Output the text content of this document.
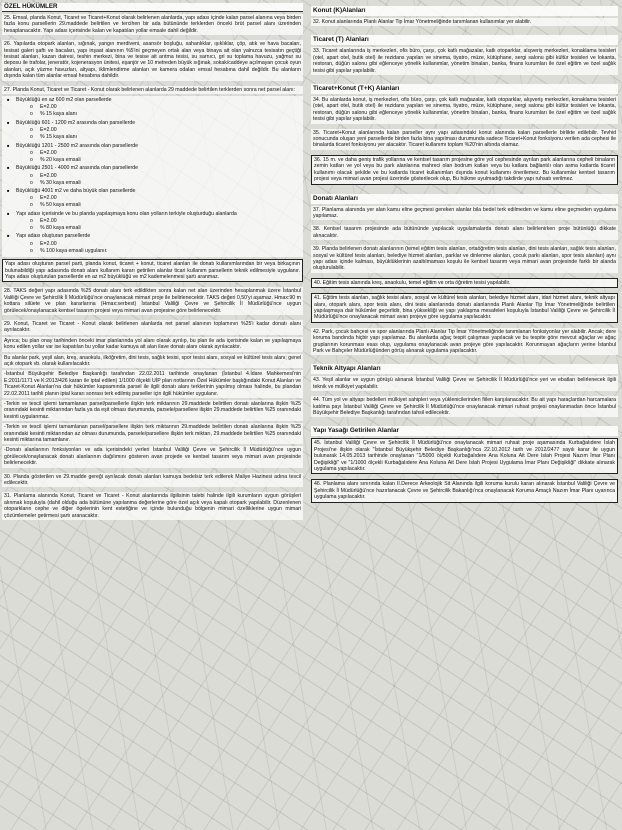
ÖZEL HÜKÜMLER
25. Emsal, planda Konut, Ticaret ve Ticaret+Konut olarak belirlenen alanlarda, yapı adası içinde kalan parsel alanına veya birden fazla konu parsellerin 29.maddede belirtilen ve tercihen bir ada bütününde terklerden önceki brüt parsel alanı üzerinden hesaplanacaktır. Yapı adası içerisinde kalan ve kapatılan yollar emsale dahil değildir.
26. Yapılarda otopark alanları, sığınak, yangın merdiveni, asansör boşluğu, sahanlıklar, ışıklıklar, çöp, atık ve hava bacaları, tesisat galeri şaftı ve bacaları, yapı inşaat alanının %5'ini geçmeyen ortak alan veya binaya ait olan yalnızca tesisatın geçtiği tesisat alanları, kazan dairesi, teshin merkezi, bina ve tesise ait arıtma tesisi, su sarnıcı, gri su toplama havuzu, yağmur su deposu ile trafolar, jeneratör, kojenerasyon ünitesi, eşanjör ve 10 metreden büyük sığınak, sokak/caddeye açılmayan çocuk oyun alanları, açık yüzme havuzları, altyapı, iklimlendirme alanları ve kamera odaları emsal hesabına dahil değildir. Bu alanların dışında kalan tüm alanlar emsal hesabına dahildir.
27. Planda Konut, Ticaret ve Ticaret - Konut olarak belirlenen alanlarda 29 maddede belirtilen terklerden sonra net parsel alanı:
■ Büyüklüğü en az 600 m2 olan parsellerde
o E=2.00
o % 15 kaya alanı
■ Büyüklüğü 601 - 1200 m2 arasında olan parsellerde
o E=2.00
o % 15 kaya alanı
■ Büyüklüğü 1201 - 2500 m2 arasında olan parsellerde
o E=2.00
o % 20 kaya emsali
■ Büyüklüğü 2501 - 4000 m2 arasında olan parsellerde
o E=2.00
o % 30 kaya emsali
■ Büyüklüğü 4001 m2 ve daha büyük olan parsellerde
o E=2.00
o % 50 kaya emsali
■ Yapı adası içerisinde ve bu planda yapılaşmaya konu olan yolların terkiyle oluşturduğu alanlarda
o E=2.00
o % 80 kaya emsali
■ Yapı adası oluşturan parsellerde
o E=2.00
o % 100 kaya emsali uygulanır.
Yapı adası oluşturan parsel parti, planda konut, ticaret + konut, ticaret alanları ile donatı kullanımlarından bir veya birkaçının bulunabildiği yapı adasında donatı alanı kullanım kararı getirilen alanlar ticari kullanım parsellerin teknik edilmesiyle uygulanır. Yapı adası oluşturulan parsellerde en az m2 büyüklüğü ve m2 kademelenmesi şartı aranmaz.
28. TAKS değeri yapı adasında %25 donatı alanı terk edildikten sonra kalan net alan üzerinden hesaplanmak üzere İstanbul Valiliği Çevre ve Şehircilik İl Müdürlüğü'nce onaylanacak mimari proje ile belirlenecektir. TAKS değeri 0,50'yi aşamaz. Hmax:90 m kottara silüete ve plan kararlarına (Hmax:serbest) İstanbul Valiliği Çevre ve Şehircilik İl Müdürlüğü'nce uygun görülecek/onaylanacak kentsel tasarım projesi veya mimari avan projesine göre belirlenecektir.
29. Konut, Ticaret ve Ticaret - Konut olarak belirlenen alanlarda net parsel alanının toplamının %25'i kadar donatı alanı ayrılacaktır.
Ayrıca; bu plan onay tarihinden önceki imar planlarında yol alanı olarak ayrılıp, bu plan ile ada içerisinde kalan ve yapılaşmaya konu edilen yollar var ise kapatılan bu yollar kadar kamuya ait alan ilave donatı alanı olarak ayrılacaktır.
Bu alanlar park, yeşil alan, kreş, anaokulu, ilköğretim, dini tesis, sağlık tesisi, spor tesisi alanı, sosyal ve kültürel tesis alanı; genel açık otopark vb. olarak kullanılacaktır.
-İstanbul Büyükşehir Belediye Başkanlığı tarafından 22.02.2011 tarihinde onaylanan (İstanbul 4.İdare Mahkemesi'nin E:2011/1171 ve K:2013/426 kararı ile iptal edilen) 1/1000 ölçekli UİP plan notlarının Özel Hükümler başlığındaki Konut Alanları ve Ticaret-Konut Alanları'na dair hükümler kapsamında parsel ile ilgili donatı alanı terklerinin yapılmış olması halinde, bu plandan 22.02.2011 tarihli planın iptal kararı sonrası terk edilmiş parseller için ilgili hükümler uygulanır.
-Terkin ve tescil işlemi tamamlanan parsel/parsellerle ilişkin terk miktarının 29.maddede belirtilen donatı alanlarına ilişkin %25 oranındaki kesinti miktarından fazla ya da eşit olması durumunda, parsele/parsellere ilişkin 29.maddede belirtilen %25 oranındaki kesinti uygulanmaz.
-Terkin ve tescil işlemi tamamlanan parsel/parsellere ilişkin terk miktarının 29.maddede belirtilen donatı alanlarına ilişkin %25 oranındaki kesinti miktarından az olması durumunda, parsele/parsellere ilişkin terk miktarı, 29.maddede belirtilen %25 oranındaki kesinti miktarına tamamlanır.
-Donatı alanlarının fonksiyonları ve ada içerisindeki yerleri İstanbul Valiliği Çevre ve Şehircilik İl Müdürlüğü'nce uygun görülecek/onaylanacak donatı alanlarının dağılımını gösteren avan projede ve kentsel tasarım veya mimari avan projesinde belirlenecektir.
30. Planda gösterilen ve 29.madde gereği ayrılacak donatı alanları kamuya bedelsiz terk edilerek Maliye Hazinesi adına tescil edilecektir.
31. Planlama alanında Konut, Ticaret ve Ticaret - Konut alanlarında ilgilisinin talebi halinde ilgili kurumların uygun görüşleri alınmak koşuluyla (dahil olduğu ada bütününe yapılanma değerlerine göre özel açık veya kapalı otopark yapılabilir. Düzenlenen otoparkların cephe ve diğer ögelerinin kent estetiğine ve içinde bulunduğu bölgenin mimari özelliklerine uygun mimari çözümlemeler getirmesi şartı aranacaktır.
Konut (K)Alanları
32. Konut alanlarında Planlı Alanlar Tip İmar Yönetmeliğinde tanımlanan kullanımlar yer alabilir.
Ticaret (T) Alanları
33. Ticaret alanlarında iş merkezleri, ofis büro, çarşı, çok katlı mağazalar, katlı otoparklar, alışveriş merkezleri, konaklama tesisleri (otel, apart otel, butik otel) ile rezidans yapıları ve sinema, tiyatro, müze, kütüphane, sergi salonu gibi kültür tesisleri ve lokanta, restoran, düğün salonu gibi eğlenceye yönelik kullanımlar, yönetim binaları, banka, finans kurumları ile özel eğitim ve özel sağlık tesisi gibi yapılar yapılabilir.
Ticaret+Konut (T+K) Alanları
34. Bu alanlarda konut, iş merkezleri, ofis büro, çarşı, çok katlı mağazalar, katlı otoparklar, alışveriş merkezleri, konaklama tesisleri (otel, apart otel, butik otel) ile rezidans yapıları ve sinema, tiyatro, müze, kütüphane, sergi salonu gibi kültür tesisleri ve lokanta, restoran, düğün salonu gibi eğlenceye yönelik kullanımlar, yönetim binaları, banka, finans kurumları ile özel eğitim ve özel sağlık tesisi gibi yapılar yapılabilir.
35. Ticaret+Konut alanlarında kalan parseller aynı yapı adasındaki konut alanında kalan parsellerle birlikte edilebilir. Tevhid sonucunda oluşan yeni parsellerde birden fazla bina yapılması durumunda sadece Ticaret+Konut fonksiyonu verilen ada cephesi ile binalarda ticaret fonksiyonu yer alacaktır. Ticaret kullanımı toplam %20'nin altında olamaz.
36. 15 m. ve daha geniş trafik yollarına ve kentsel tasarım projesine göre yol cephesinde ayrılan park alanlarına cepheli binaların zemin katları ve yol veya bu park alanlarına mahreci olan bodrum katları veya bu katlara bağlantılı olan asma katlarda ticaret kullanımı olacak şekilde ve bu katlarda ticaret kullanımları dışında konut kullanımı önerilemez. Bu kullanımlar kentsel tasarım projesi veya mimari avan projesi üzerinde gösterilecek olup, Bu hükme uyulmadığı takdirde yapı ruhsatı verilmez.
Donatı Alanları
37. Planlama alanında yer alan kamu eline geçmesi gereken alanlar bila bedel terk edilmeden ve kamu eline geçmeden uygulama yapılamaz.
38. Kentsel tasarım projesinde ada bütününde yapılacak uygulamalarda donatı alanı belirlenirken proje bütünlüğü dikkate alınacaktır.
39. Planda belirlenen donatı alanlarının (temel eğitim tesis alanları, ortaöğretim tesis alanları, dini tesis alanları, sağlık tesis alanları, sosyal ve kültürel tesis alanları, belediye hizmet alanları, parklar ve dinlenme alanları, çocuk parkı alanları, spor tesis alanları) aynı yapı adası içinde kalması, büyüklüklerinin azaltılmaması koşulu ile kentsel tasarım veya mimari avan projesinde farklı bir alanda oluşturulabilir.
40. Eğitim tesis alanında kreş, anaokulu, temel eğitim ve orta öğretim tesisi yapılabilir.
41. Eğitim tesis alanları, sağlık tesisi alanı, sosyal ve kültürel tesis alanları, belediye hizmet alanı, idari hizmet alanı, teknik altyapı alanı, otopark alanı, spor tesis alanı, dini tesis alanlarında donatı alanlarında Planlı Alanlar Tip İmar Yönetmeliğinde belirtilen yapılaşmaya dair hükümler geçerlidir, bina yüksekliği ve yapı yaklaşma mesafeleri koşuluyla İstanbul Valiliği Çevre ve Şehircilik İl Müdürlüğü'nce onaylanacak mimari avan projeye göre uygulama yapılacaktır.
42. Park, çocuk bahçesi ve spor alanlarında Planlı Alanlar Tip İmar Yönetmeliğinde tanımlanan fonksiyonlar yer alabilir. Ancak; dere koruma bandında hiçbir yapı yapılamaz. Bu alanlarda ağaç tespit çalışması yapılacak ve bu tespite göre mevcut ağaçlar ve ağaç gruplarının korunması esas olup, uygulama onaylanacak avan projeye göre yapılacaktır. Korunmayan ağaçların yerine İstanbul Park ve Bahçeler Müdürlüğünden görüş alınarak uygulama yapılacaktır.
Teknik Altyapı Alanları
43. Yeşil alanlar ve uygun görüşü alınarak İstanbul Valiliği Çevre ve Şehircilik İl Müdürlüğü'nce yeri ve ebatları belirlenecek ilgili teknik ve mülkiyet yapılabilir.
44. Tüm yol ve altyapı bedelleri mülkiyet sahipleri veya yüklenicilerinden fiilen karşılanacaktır. Bu ait yapı haraçlardan harcamalara katılma payı İstanbul Valiliği Çevre ve Şehircilik İl Müdürlüğü'nce onaylanacak mimari ruhsat projesi onaylanmadan önce İstanbul Büyükşehir Belediye Başkanlığı tarafından tahsil edilecektir.
Yapı Yasağı Getirilen Alanlar
45. İstanbul Valiliği Çevre ve Şehircilik İl Müdürlüğü'nce onaylanacak mimari ruhsat proje aşamasında Kurbağalıdere İslah Projesi'ne ilişkin olarak "İstanbul Büyükşehir Belediye Başkanlığı'nca 22.10.2012 tarih ve 2012/2477 sayılı karar ile uygun bulunarak 14.05.2013 tarihinde onaylanan "1/5000 ölçekli Kurbağalıdere Ana Koluna Ait Dere Islah Projesi Nazım İmar Planı Değişikliği" ve "1/1000 ölçekli Kurbağalıdere Ana Koluna Ait Dere Islah Projesi Uygulama İmar Planı Değişikliği" dikkate alınarak uygulama yapılacaktır.
46. Planlama alanı sınırında kalan II.Derece Arkeolojik Sit Alanında ilgili koruma kurulu kararı alınarak İstanbul Valiliği Çevre ve Şehircilik İl Müdürlüğü'nce hazırlanacak Çevre ve Şehircilik Bakanlığı'nca onaylanacak Koruma Amaçlı Nazım İmar Planı uyarınca uygulama yapılacaktır.
